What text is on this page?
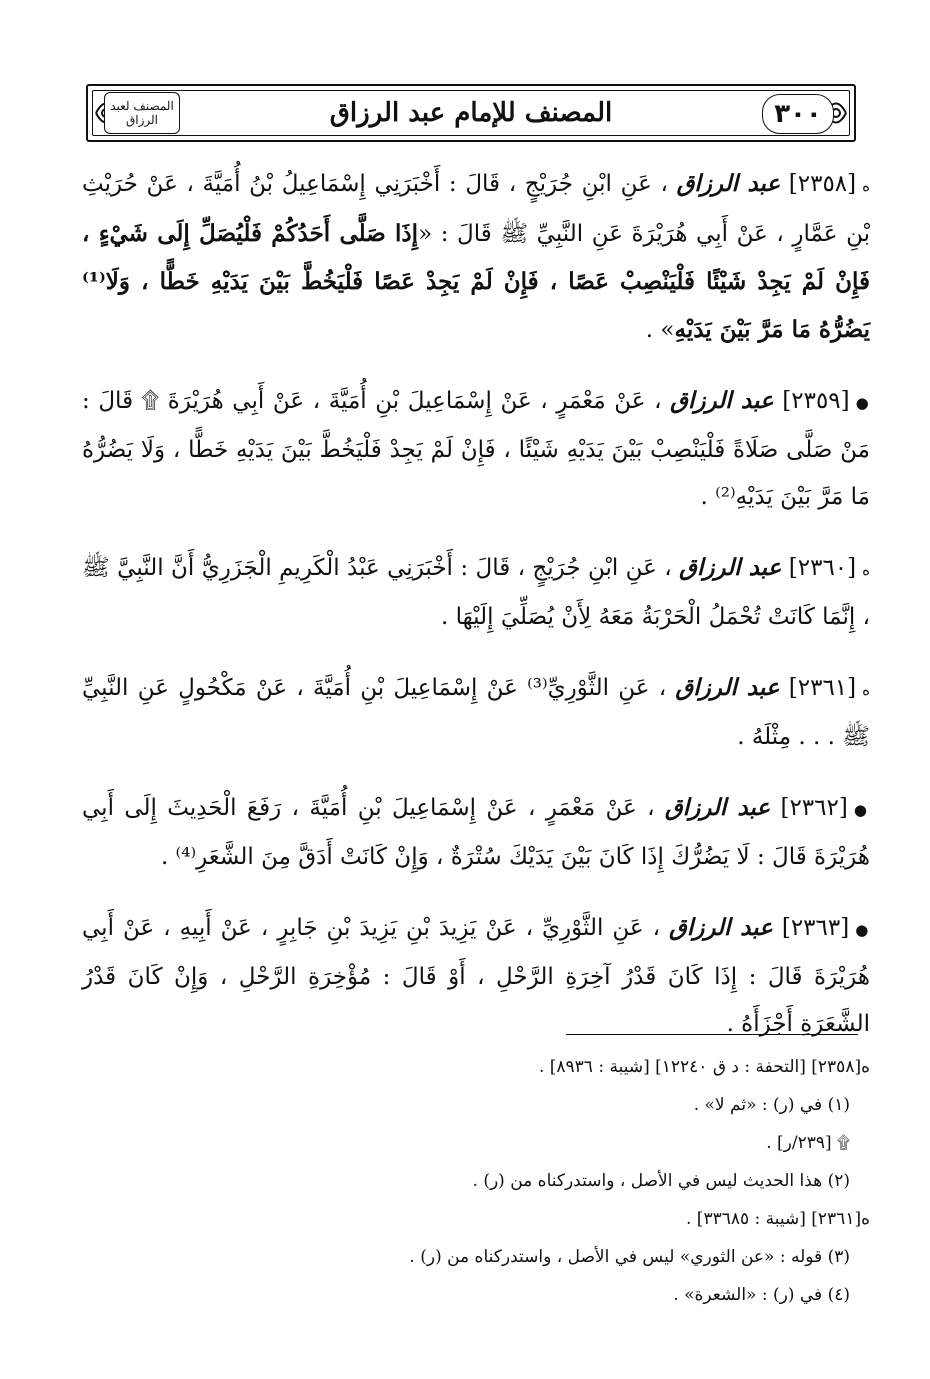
٣٠٠
المصنف للإمام عبد الرزاق
المصنف لعبد الرزاق

ه[٢٣٥٨] عبد الرزاق ، عَنِ ابْنِ جُرَيْجٍ ، قَالَ : أَخْبَرَنِي إِسْمَاعِيلُ بْنُ أُمَيَّةَ ، عَنْ حُرَيْثِ بْنِ عَمَّارٍ ، عَنْ أَبِي هُرَيْرَةَ عَنِ النَّبِيِّ ﷺ قَالَ : «إِذَا صَلَّى أَحَدُكُمْ فَلْيُصَلِّ إِلَى شَيْءٍ ، فَإِنْ لَمْ يَجِدْ شَيْئًا فَلْيَنْصِبْ عَصًا ، فَإِنْ لَمْ يَجِدْ عَصًا فَلْيَخُطَّ بَيْنَ يَدَيْهِ خَطًّا ، وَلَا⁽¹⁾ يَضُرُّهُ مَا مَرَّ بَيْنَ يَدَيْهِ» .

●[٢٣٥٩] عبد الرزاق ، عَنْ مَعْمَرٍ ، عَنْ إِسْمَاعِيلَ بْنِ أُمَيَّةَ ، عَنْ أَبِي هُرَيْرَةَ ۩ قَالَ : مَنْ صَلَّى صَلَاةً فَلْيَنْصِبْ بَيْنَ يَدَيْهِ شَيْئًا ، فَإِنْ لَمْ يَجِدْ فَلْيَخُطَّ بَيْنَ يَدَيْهِ خَطًّا ، وَلَا يَضُرُّهُ مَا مَرَّ بَيْنَ يَدَيْهِ⁽²⁾ .

ه[٢٣٦٠] عبد الرزاق ، عَنِ ابْنِ جُرَيْجٍ ، قَالَ : أَخْبَرَنِي عَبْدُ الْكَرِيمِ الْجَزَرِيُّ أَنَّ النَّبِيَّ ﷺ ، إِنَّمَا كَانَتْ تُحْمَلُ الْحَرْبَةُ مَعَهُ لِأَنْ يُصَلِّيَ إِلَيْهَا .

ه[٢٣٦١] عبد الرزاق ، عَنِ الثَّوْرِيِّ⁽³⁾ عَنْ إِسْمَاعِيلَ بْنِ أُمَيَّةَ ، عَنْ مَكْحُولٍ عَنِ النَّبِيِّ ﷺ . . . مِثْلَهُ .

●[٢٣٦٢] عبد الرزاق ، عَنْ مَعْمَرٍ ، عَنْ إِسْمَاعِيلَ بْنِ أُمَيَّةَ ، رَفَعَ الْحَدِيثَ إِلَى أَبِي هُرَيْرَةَ قَالَ : لَا يَضُرُّكَ إِذَا كَانَ بَيْنَ يَدَيْكَ سُتْرَةٌ ، وَإِنْ كَانَتْ أَدَقَّ مِنَ الشَّعَرِ⁽⁴⁾ .

●[٢٣٦٣] عبد الرزاق ، عَنِ الثَّوْرِيِّ ، عَنْ يَزِيدَ بْنِ يَزِيدَ بْنِ جَابِرٍ ، عَنْ أَبِيهِ ، عَنْ أَبِي هُرَيْرَةَ قَالَ : إِذَا كَانَ قَدْرُ آخِرَةِ الرَّحْلِ ، أَوْ قَالَ : مُؤْخِرَةِ الرَّحْلِ ، وَإِنْ كَانَ قَدْرُ الشَّعَرَةِ أَجْزَأَهُ .

ه[٢٣٥٨] [التحفة : د ق ١٢٢٤٠] [شيبة : ٨٩٣٦] .
(١) في (ر) : «ثم لا» .
۩ [٢٣٩/ر] .
(٢) هذا الحديث ليس في الأصل ، واستدركناه من (ر) .
ه[٢٣٦١] [شيبة : ٣٣٦٨٥] .
(٣) قوله : «عن الثوري» ليس في الأصل ، واستدركناه من (ر) .
(٤) في (ر) : «الشعرة» .
